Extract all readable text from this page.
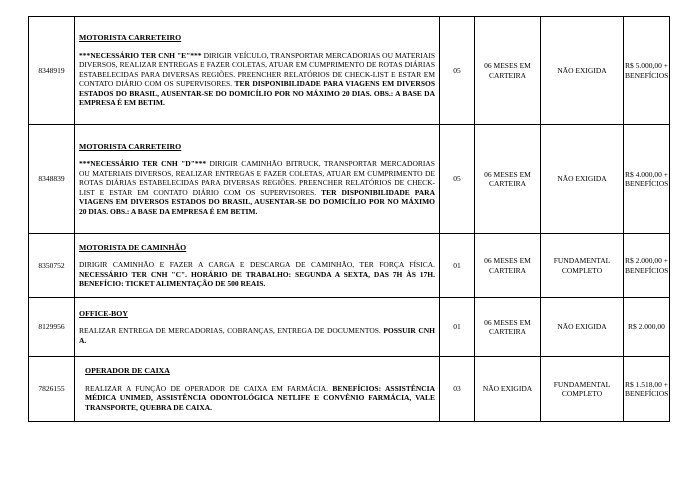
8348919	MOTORISTA CARRETEIRO
***NECESSÁRIO TER CNH "E"*** DIRIGIR VEÍCULO, TRANSPORTAR MERCADORIAS OU MATERIAIS DIVERSOS, REALIZAR ENTREGAS E FAZER COLETAS, ATUAR EM CUMPRIMENTO DE ROTAS DIÁRIAS ESTABELECIDAS PARA DIVERSAS REGIÕES. PREENCHER RELATÓRIOS DE CHECK-LIST E ESTAR EM CONTATO DIÁRIO COM OS SUPERVISORES. TER DISPONIBILIDADE PARA VIAGENS EM DIVERSOS ESTADOS DO BRASIL, AUSENTAR-SE DO DOMICÍLIO POR NO MÁXIMO 20 DIAS. OBS.: A BASE DA EMPRESA É EM BETIM.	05	06 MESES EM CARTEIRA	NÃO EXIGIDA	R$ 5.000,00 + BENEFÍCIOS
8348839	MOTORISTA CARRETEIRO
***NECESSÁRIO TER CNH "D"*** DIRIGIR CAMINHÃO BITRUCK, TRANSPORTAR MERCADORIAS OU MATERIAIS DIVERSOS, REALIZAR ENTREGAS E FAZER COLETAS, ATUAR EM CUMPRIMENTO DE ROTAS DIÁRIAS ESTABELECIDAS PARA DIVERSAS REGIÕES. PREENCHER RELATÓRIOS DE CHECK-LIST E ESTAR EM CONTATO DIÁRIO COM OS SUPERVISORES. TER DISPONIBILIDADE PARA VIAGENS EM DIVERSOS ESTADOS DO BRASIL, AUSENTAR-SE DO DOMICÍLIO POR NO MÁXIMO 20 DIAS. OBS.: A BASE DA EMPRESA É EM BETIM.	05	06 MESES EM CARTEIRA	NÃO EXIGIDA	R$ 4.000,00 + BENEFÍCIOS
8350752	MOTORISTA DE CAMINHÃO
DIRIGIR CAMINHÃO E FAZER A CARGA E DESCARGA DE CAMINHÃO, TER FORÇA FÍSICA. NECESSÁRIO TER CNH "C". HORÁRIO DE TRABALHO: SEGUNDA A SEXTA, DAS 7H ÀS 17H. BENEFÍCIO: TICKET ALIMENTAÇÃO DE 500 REAIS.	01	06 MESES EM CARTEIRA	FUNDAMENTAL COMPLETO	R$ 2.000,00 + BENEFÍCIOS
8129956	OFFICE-BOY
REALIZAR ENTREGA DE MERCADORIAS, COBRANÇAS, ENTREGA DE DOCUMENTOS. POSSUIR CNH A.	01	06 MESES EM CARTEIRA	NÃO EXIGIDA	R$ 2.000,00
7826155	OPERADOR DE CAIXA
REALIZAR A FUNÇÃO DE OPERADOR DE CAIXA EM FARMÁCIA. BENEFÍCIOS: ASSISTÊNCIA MÉDICA UNIMED, ASSISTÊNCIA ODONTOLÓGICA NETLIFE E CONVÊNIO FARMÁCIA, VALE TRANSPORTE, QUEBRA DE CAIXA.	03	NÃO EXIGIDA	FUNDAMENTAL COMPLETO	R$ 1.518,00 + BENEFÍCIOS
